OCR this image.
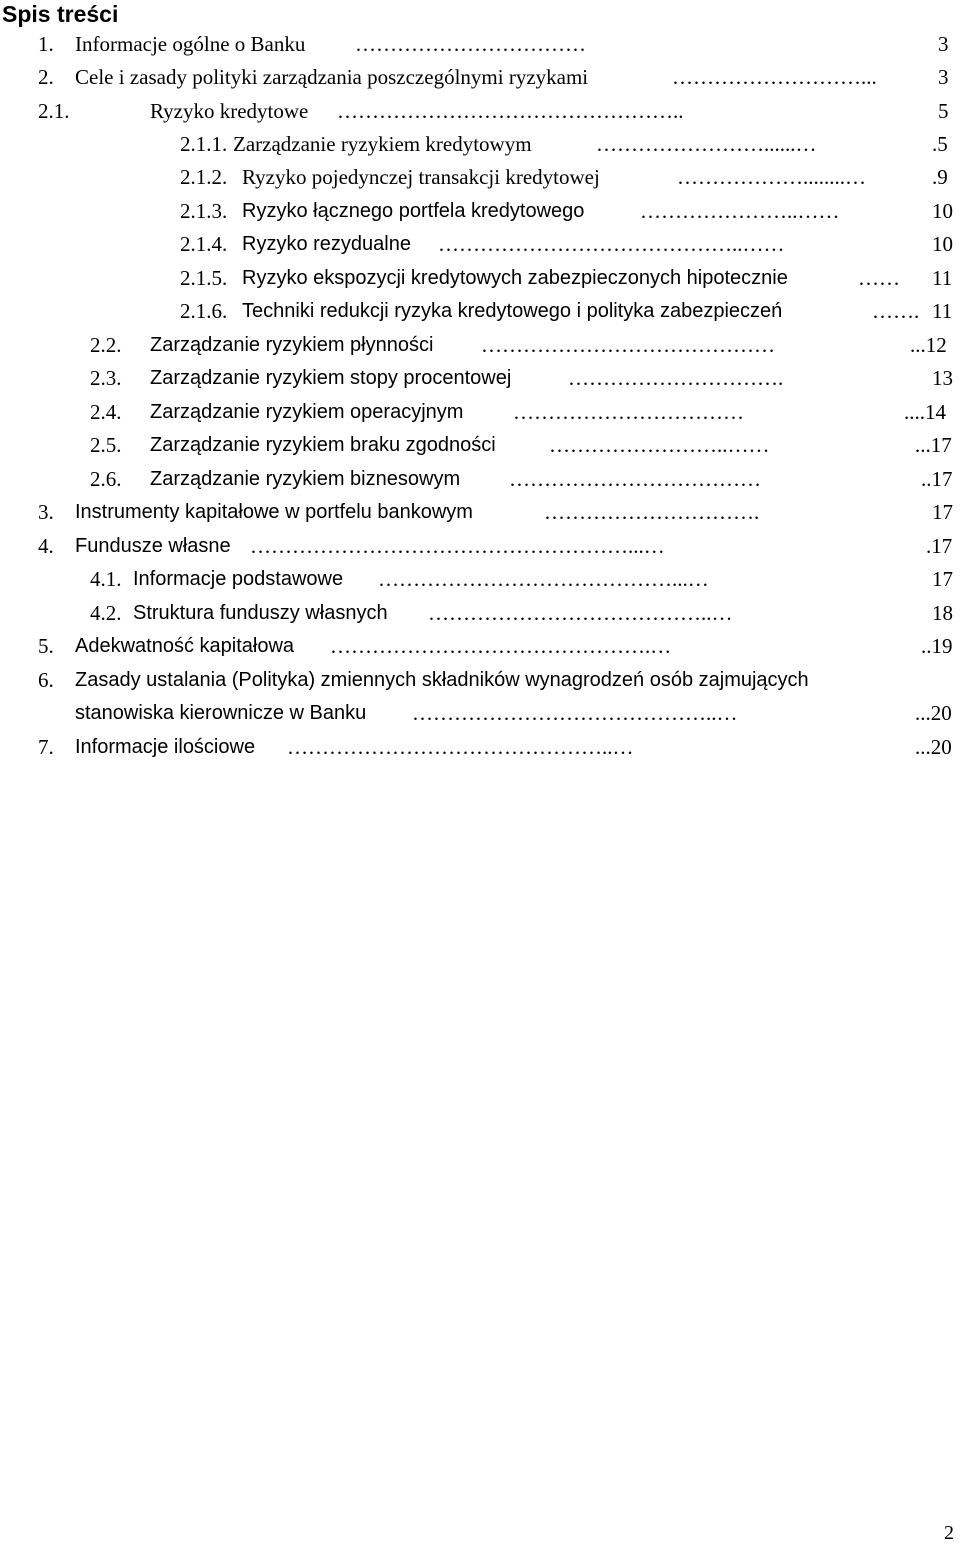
Spis treści
1. Informacje ogólne o Banku ……………………………	3
2. Cele i zasady polityki zarządzania poszczególnymi ryzykami	………………………...	3
2.1.	Ryzyko kredytowe …………………………………………..	5
2.1.1. Zarządzanie ryzykiem kredytowym	……………………......…	.5
2.1.2. Ryzyko pojedynczej transakcji kredytowej	………………........…	.9
2.1.3. Ryzyko łącznego portfela kredytowego	…………………..……	10
2.1.4. Ryzyko rezydualne ……………………………………..……	10
2.1.5. Ryzyko ekspozycji kredytowych zabezpieczonych hipotecznie	…… 11
2.1.6. Techniki redukcji ryzyka kredytowego i polityka zabezpieczeń	……. 11
2.2. Zarządzanie ryzykiem płynności ……………………………………	...12
2.3. Zarządzanie ryzykiem stopy procentowej	………………………….	13
2.4. Zarządzanie ryzykiem operacyjnym ……………………………	....14
2.5. Zarządzanie ryzykiem braku zgodności	……………………..……	...17
2.6. Zarządzanie ryzykiem biznesowym ………………………………	..17
3. Instrumenty kapitałowe w portfelu bankowym	………………………….	17
4. Fundusze własne ………………………………………………...…	.17
4.1. Informacje podstawowe ……………………………………...…	17
4.2. Struktura funduszy własnych …………………………………..…	18
5. Adekwatność kapitałowa ……………………………………….…	..19
6. Zasady ustalania (Polityka) zmiennych składników wynagrodzeń osób zajmujących
stanowiska kierownicze w Banku ……………………………………..…	...20
7. Informacje ilościowe ………………………………………..…	...20
2
